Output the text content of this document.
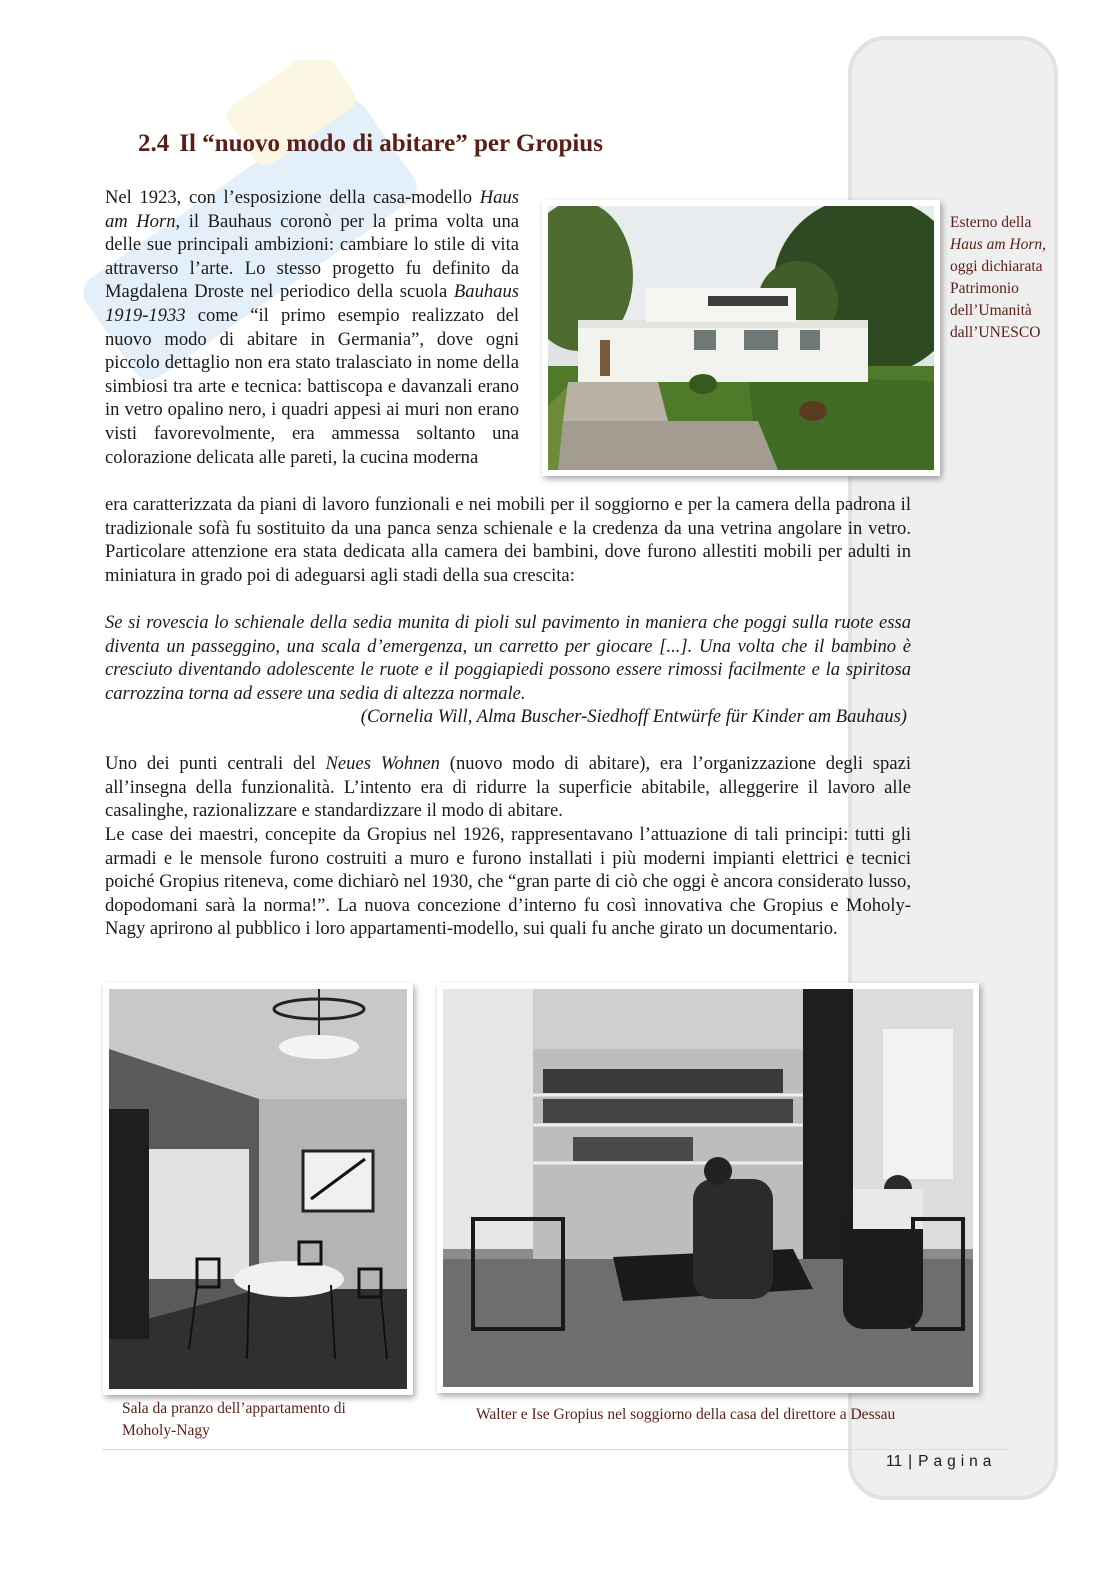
2.4 Il “nuovo modo di abitare” per Gropius

Nel 1923, con l’esposizione della casa-modello Haus am Horn, il Bauhaus coronò per la prima volta una delle sue principali ambizioni: cambiare lo stile di vita attraverso l’arte. Lo stesso progetto fu definito da Magdalena Droste nel periodico della scuola Bauhaus 1919-1933 come “il primo esempio realizzato del nuovo modo di abitare in Germania”, dove ogni piccolo dettaglio non era stato tralasciato in nome della simbiosi tra arte e tecnica: battiscopa e davanzali erano in vetro opalino nero, i quadri appesi ai muri non erano visti favorevolmente, era ammessa soltanto una colorazione delicata alle pareti, la cucina moderna

Esterno della Haus am Horn, oggi dichiarata Patrimonio dell’Umanità dall’UNESCO

era caratterizzata da piani di lavoro funzionali e nei mobili per il soggiorno e per la camera della padrona il tradizionale sofà fu sostituito da una panca senza schienale e la credenza da una vetrina angolare in vetro. Particolare attenzione era stata dedicata alla camera dei bambini, dove furono allestiti mobili per adulti in miniatura in grado poi di adeguarsi agli stadi della sua crescita:

Se si rovescia lo schienale della sedia munita di pioli sul pavimento in maniera che poggi sulla ruote essa diventa un passeggino, una scala d’emergenza, un carretto per giocare [...]. Una volta che il bambino è cresciuto diventando adolescente le ruote e il poggiapiedi possono essere rimossi facilmente e la spiritosa carrozzina torna ad essere una sedia di altezza normale.

(Cornelia Will, Alma Buscher-Siedhoff Entwürfe für Kinder am Bauhaus)

Uno dei punti centrali del Neues Wohnen (nuovo modo di abitare), era l’organizzazione degli spazi all’insegna della funzionalità. L’intento era di ridurre la superficie abitabile, alleggerire il lavoro alle casalinghe, razionalizzare e standardizzare il modo di abitare.

Le case dei maestri, concepite da Gropius nel 1926, rappresentavano l’attuazione di tali principi: tutti gli armadi e le mensole furono costruiti a muro e furono installati i più moderni impianti elettrici e tecnici poiché Gropius riteneva, come dichiarò nel 1930, che “gran parte di ciò che oggi è ancora considerato lusso, dopodomani sarà la norma!”. La nuova concezione d’interno fu così innovativa che Gropius e Moholy-Nagy aprirono al pubblico i loro appartamenti-modello, sui quali fu anche girato un documentario.

Sala da pranzo dell’appartamento di Moholy-Nagy

Walter e Ise Gropius nel soggiorno della casa del direttore a Dessau

11 | Pagina
